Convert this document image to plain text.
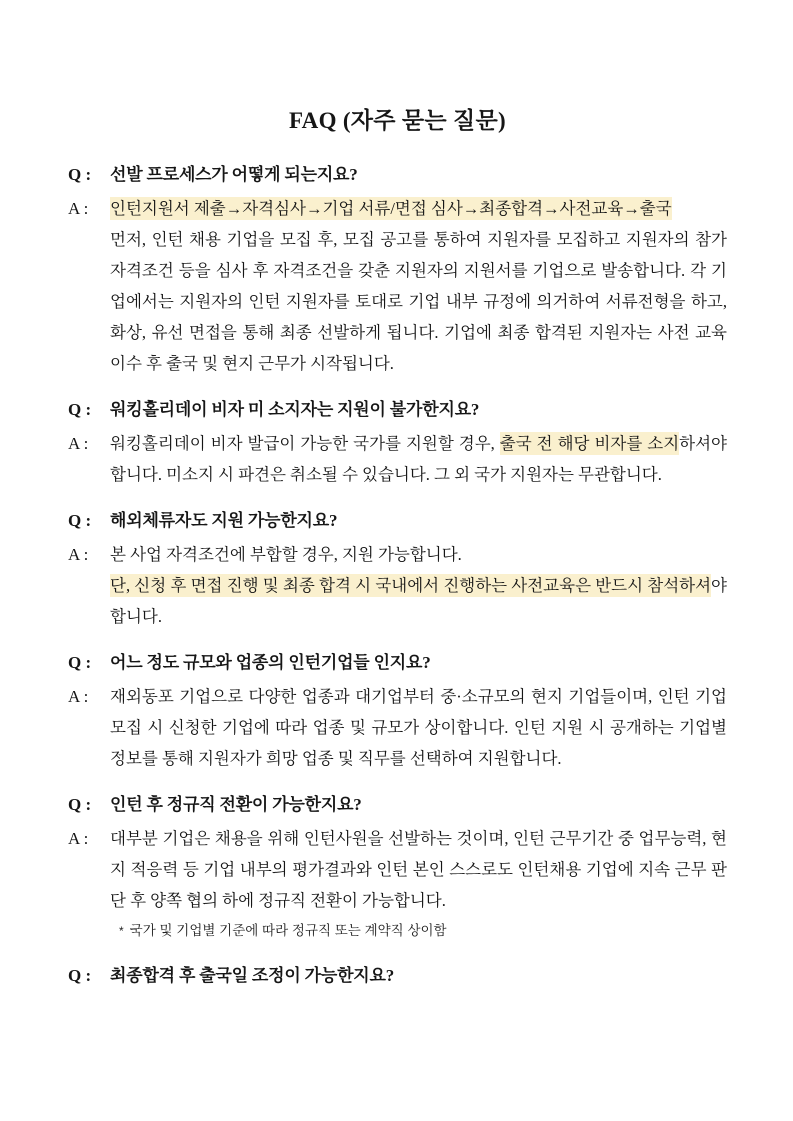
FAQ (자주 묻는 질문)
Q :	선발 프로세스가 어떻게 되는지요?
A :	인턴지원서 제출→자격심사→기업 서류/면접 심사→최종합격→사전교육→출국

먼저, 인턴 채용 기업을 모집 후, 모집 공고를 통하여 지원자를 모집하고 지원자의 참가 자격조건 등을 심사 후 자격조건을 갖춘 지원자의 지원서를 기업으로 발송합니다. 각 기업에서는 지원자의 인턴 지원자를 토대로 기업 내부 규정에 의거하여 서류전형을 하고, 화상, 유선 면접을 통해 최종 선발하게 됩니다. 기업에 최종 합격된 지원자는 사전 교육 이수 후 출국 및 현지 근무가 시작됩니다.

Q :	워킹홀리데이 비자 미 소지자는 지원이 불가한지요?
A :	워킹홀리데이 비자 발급이 가능한 국가를 지원할 경우, 출국 전 해당 비자를 소지하셔야 합니다. 미소지 시 파견은 취소될 수 있습니다. 그 외 국가 지원자는 무관합니다.

Q :	해외체류자도 지원 가능한지요?
A :	본 사업 자격조건에 부합할 경우, 지원 가능합니다.

단, 신청 후 면접 진행 및 최종 합격 시 국내에서 진행하는 사전교육은 반드시 참석하셔야 합니다.

Q :	어느 정도 규모와 업종의 인턴기업들 인지요?
A :	재외동포 기업으로 다양한 업종과 대기업부터 중·소규모의 현지 기업들이며, 인턴 기업 모집 시 신청한 기업에 따라 업종 및 규모가 상이합니다. 인턴 지원 시 공개하는 기업별 정보를 통해 지원자가 희망 업종 및 직무를 선택하여 지원합니다.

Q :	인턴 후 정규직 전환이 가능한지요?
A :	대부분 기업은 채용을 위해 인턴사원을 선발하는 것이며, 인턴 근무기간 중 업무능력, 현지 적응력 등 기업 내부의 평가결과와 인턴 본인 스스로도 인턴채용 기업에 지속 근무 판단 후 양쪽 협의 하에 정규직 전환이 가능합니다.

* 국가 및 기업별 기준에 따라 정규직 또는 계약직 상이함

Q :	최종합격 후 출국일 조정이 가능한지요?
